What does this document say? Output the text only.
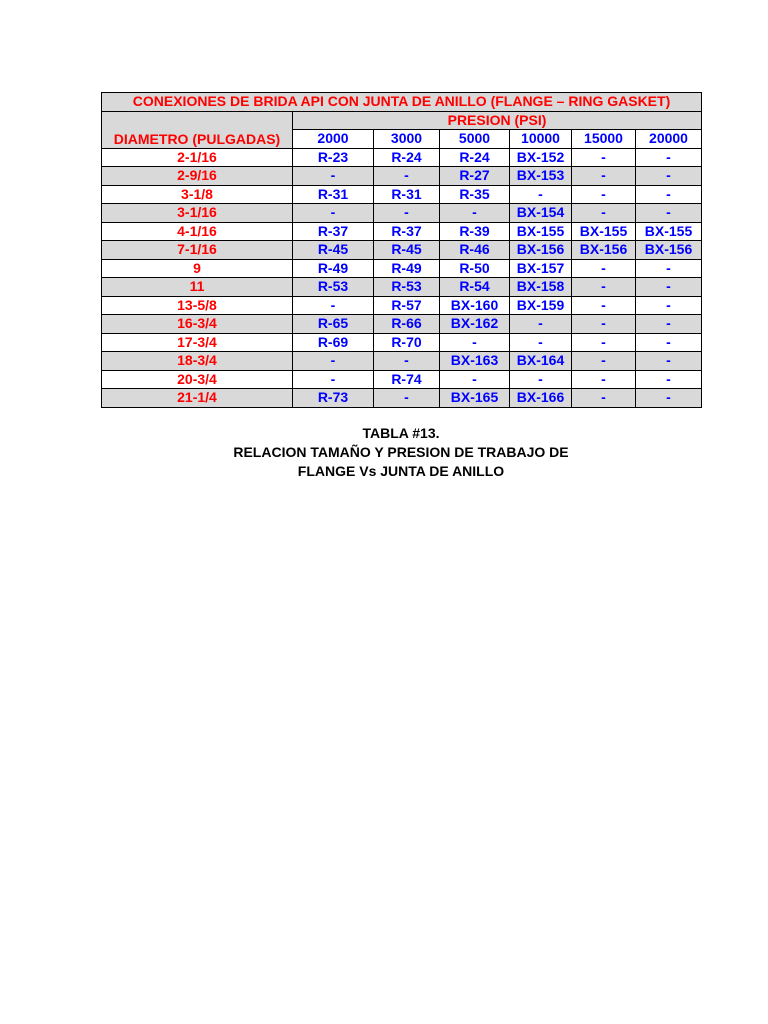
CONEXIONES DE BRIDA API CON JUNTA DE ANILLO (FLANGE – RING GASKET)						
DIAMETRO (PULGADAS)	PRESION (PSI)					
	2000	3000	5000	10000	15000	20000
2-1/16	R-23	R-24	R-24	BX-152	-	-
2-9/16	-	-	R-27	BX-153	-	-
3-1/8	R-31	R-31	R-35	-	-	-
3-1/16	-	-	-	BX-154	-	-
4-1/16	R-37	R-37	R-39	BX-155	BX-155	BX-155
7-1/16	R-45	R-45	R-46	BX-156	BX-156	BX-156
9	R-49	R-49	R-50	BX-157	-	-
11	R-53	R-53	R-54	BX-158	-	-
13-5/8	-	R-57	BX-160	BX-159	-	-
16-3/4	R-65	R-66	BX-162	-	-	-
17-3/4	R-69	R-70	-	-	-	-
18-3/4	-	-	BX-163	BX-164	-	-
20-3/4	-	R-74	-	-	-	-
21-1/4	R-73	-	BX-165	BX-166	-	-
TABLA #13.
RELACION TAMAÑO Y PRESION DE TRABAJO DE FLANGE Vs JUNTA DE ANILLO
